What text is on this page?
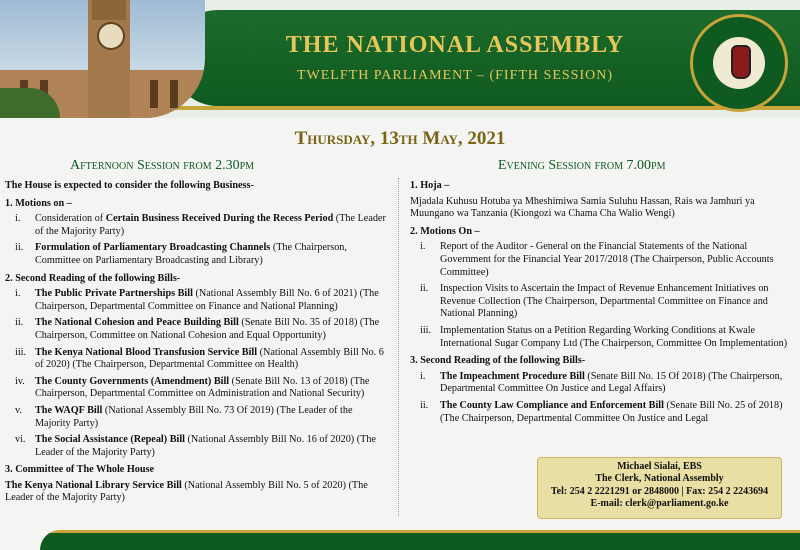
THE NATIONAL ASSEMBLY
TWELFTH PARLIAMENT – (FIFTH SESSION)
Thursday, 13th May, 2021
Afternoon Session from 2.30pm	Evening Session from 7.00pm
The House is expected to consider the following Business-
1. Motions on –
i. Consideration of Certain Business Received During the Recess Period (The Leader of the Majority Party)
ii. Formulation of Parliamentary Broadcasting Channels (The Chairperson, Committee on Parliamentary Broadcasting and Library)
2. Second Reading of the following Bills-
i. The Public Private Partnerships Bill (National Assembly Bill No. 6 of 2021) (The Chairperson, Departmental Committee on Finance and National Planning)
ii. The National Cohesion and Peace Building Bill (Senate Bill No. 35 of 2018) (The Chairperson, Committee on National Cohesion and Equal Opportunity)
iii. The Kenya National Blood Transfusion Service Bill (National Assembly Bill No. 6 of 2020) (The Chairperson, Departmental Committee on Health)
iv. The County Governments (Amendment) Bill (Senate Bill No. 13 of 2018) (The Chairperson, Departmental Committee on Administration and National Security)
v. The WAQF Bill (National Assembly Bill No. 73 Of 2019) (The Leader of the Majority Party)
vi. The Social Assistance (Repeal) Bill (National Assembly Bill No. 16 of 2020) (The Leader of the Majority Party)
3. Committee of The Whole House
The Kenya National Library Service Bill (National Assembly Bill No. 5 of 2020) (The Leader of the Majority Party)
1. Hoja –
Mjadala Kuhusu Hotuba ya Mheshimiwa Samia Suluhu Hassan, Rais wa Jamhuri ya Muungano wa Tanzania (Kiongozi wa Chama Cha Walio Wengi)
2. Motions On –
i. Report of the Auditor - General on the Financial Statements of the National Government for the Financial Year 2017/2018 (The Chairperson, Public Accounts Committee)
ii. Inspection Visits to Ascertain the Impact of Revenue Enhancement Initiatives on Revenue Collection (The Chairperson, Departmental Committee on Finance and National Planning)
iii. Implementation Status on a Petition Regarding Working Conditions at Kwale International Sugar Company Ltd (The Chairperson, Committee On Implementation)
3. Second Reading of the following Bills-
i. The Impeachment Procedure Bill (Senate Bill No. 15 Of 2018) (The Chairperson, Departmental Committee On Justice and Legal Affairs)
ii. The County Law Compliance and Enforcement Bill (Senate Bill No. 25 of 2018) (The Chairperson, Departmental Committee On Justice and Legal
Michael Sialai, EBS
The Clerk, National Assembly
Tel: 254 2 2221291 or 2848000 | Fax: 254 2 2243694
E-mail: clerk@parliament.go.ke
